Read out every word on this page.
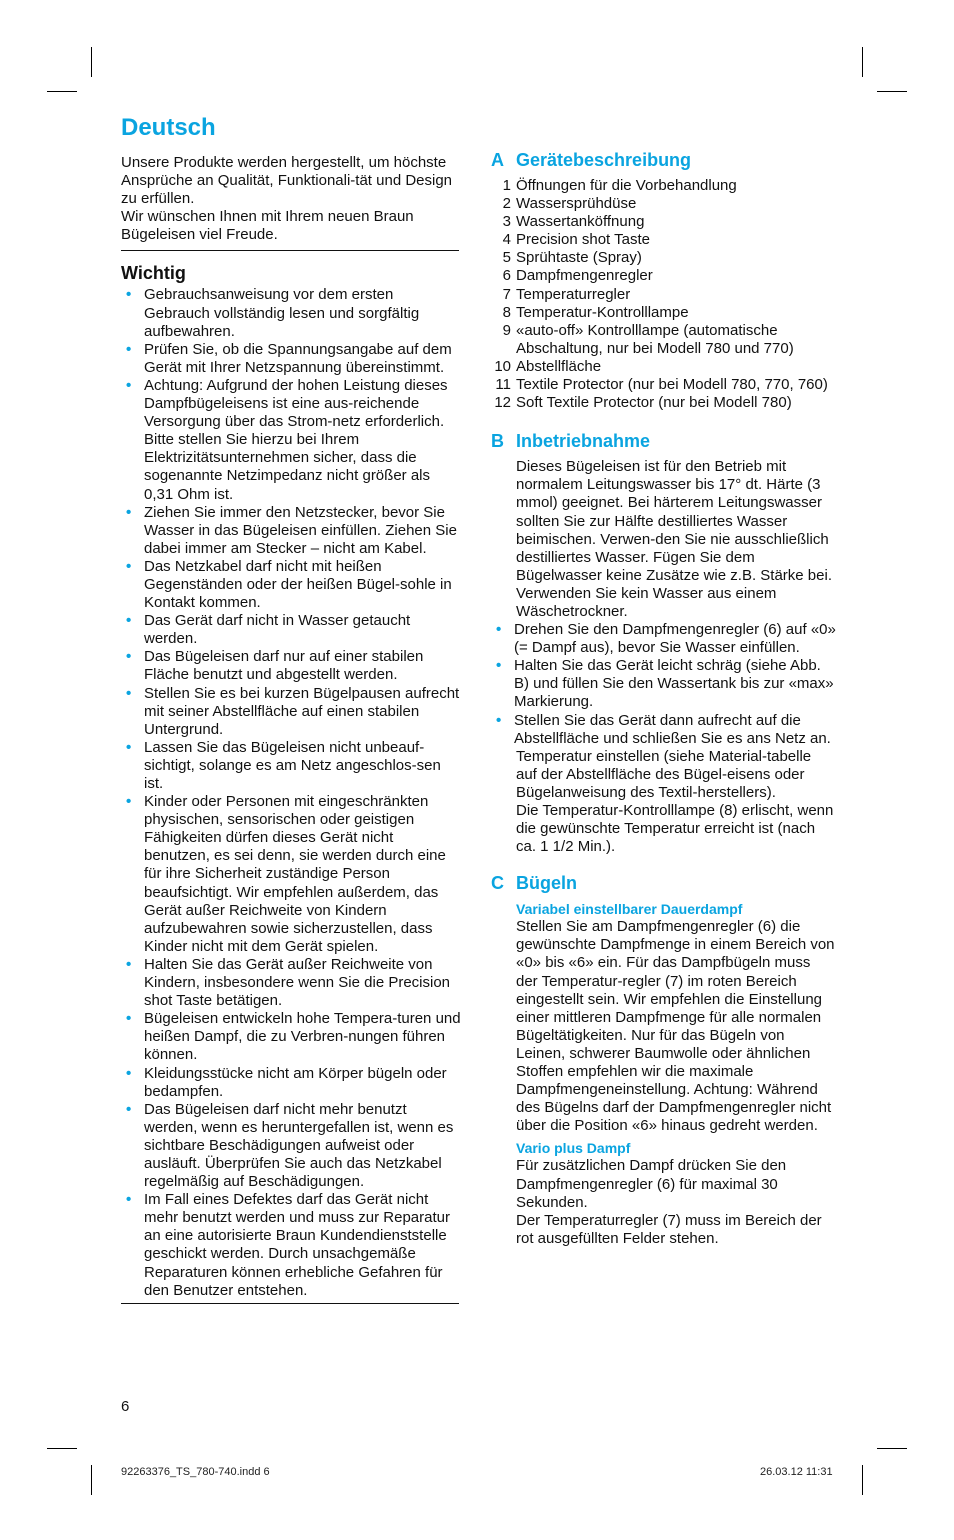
Deutsch

Unsere Produkte werden hergestellt, um höchste Ansprüche an Qualität, Funktionali-tät und Design zu erfüllen.

Wir wünschen Ihnen mit Ihrem neuen Braun Bügeleisen viel Freude.

Wichtig
• Gebrauchsanweisung vor dem ersten Gebrauch vollständig lesen und sorgfältig aufbewahren.
• Prüfen Sie, ob die Spannungsangabe auf dem Gerät mit Ihrer Netzspannung übereinstimmt.
• Achtung: Aufgrund der hohen Leistung dieses Dampfbügeleisens ist eine aus-reichende Versorgung über das Strom-netz erforderlich. Bitte stellen Sie hierzu bei Ihrem Elektrizitätsunternehmen sicher, dass die sogenannte Netzimpedanz nicht größer als 0,31 Ohm ist.
• Ziehen Sie immer den Netzstecker, bevor Sie Wasser in das Bügeleisen einfüllen. Ziehen Sie dabei immer am Stecker – nicht am Kabel.
• Das Netzkabel darf nicht mit heißen Gegenständen oder der heißen Bügel-sohle in Kontakt kommen.
• Das Gerät darf nicht in Wasser getaucht werden.
• Das Bügeleisen darf nur auf einer stabilen Fläche benutzt und abgestellt werden.
• Stellen Sie es bei kurzen Bügelpausen aufrecht mit seiner Abstellfläche auf einen stabilen Untergrund.
• Lassen Sie das Bügeleisen nicht unbeauf-sichtigt, solange es am Netz angeschlos-sen ist.
• Kinder oder Personen mit eingeschränkten physischen, sensorischen oder geistigen Fähigkeiten dürfen dieses Gerät nicht benutzen, es sei denn, sie werden durch eine für ihre Sicherheit zuständige Person beaufsichtigt. Wir empfehlen außerdem, das Gerät außer Reichweite von Kindern aufzubewahren sowie sicherzustellen, dass Kinder nicht mit dem Gerät spielen.
• Halten Sie das Gerät außer Reichweite von Kindern, insbesondere wenn Sie die Precision shot Taste betätigen.
• Bügeleisen entwickeln hohe Tempera-turen und heißen Dampf, die zu Verbren-nungen führen können.
• Kleidungsstücke nicht am Körper bügeln oder bedampfen.
• Das Bügeleisen darf nicht mehr benutzt werden, wenn es heruntergefallen ist, wenn es sichtbare Beschädigungen aufweist oder ausläuft. Überprüfen Sie auch das Netzkabel regelmäßig auf Beschädigungen.
• Im Fall eines Defektes darf das Gerät nicht mehr benutzt werden und muss zur Reparatur an eine autorisierte Braun Kundendienststelle geschickt werden. Durch unsachgemäße Reparaturen können erhebliche Gefahren für den Benutzer entstehen.
A Gerätebeschreibung
1 Öffnungen für die Vorbehandlung
2 Wassersprühdüse
3 Wassertanköffnung
4 Precision shot Taste
5 Sprühtaste (Spray)
6 Dampfmengenregler
7 Temperaturregler
8 Temperatur-Kontrolllampe
9 «auto-off» Kontrolllampe (automatische Abschaltung, nur bei Modell 780 und 770)
10 Abstellfläche
11 Textile Protector (nur bei Modell 780, 770, 760)
12 Soft Textile Protector (nur bei Modell 780)
B Inbetriebnahme

Dieses Bügeleisen ist für den Betrieb mit normalem Leitungswasser bis 17° dt. Härte (3 mmol) geeignet. Bei härterem Leitungswasser sollten Sie zur Hälfte destilliertes Wasser beimischen. Verwen-den Sie nie ausschließlich destilliertes Wasser. Fügen Sie dem Bügelwasser keine Zusätze wie z.B. Stärke bei. Verwenden Sie kein Wasser aus einem Wäschetrockner.

• Drehen Sie den Dampfmengenregler (6) auf «0» (= Dampf aus), bevor Sie Wasser einfüllen.
• Halten Sie das Gerät leicht schräg (siehe Abb. B) und füllen Sie den Wassertank bis zur «max» Markierung.
• Stellen Sie das Gerät dann aufrecht auf die Abstellfläche und schließen Sie es ans Netz an.

Temperatur einstellen (siehe Material-tabelle auf der Abstellfläche des Bügel-eisens oder Bügelanweisung des Textil-herstellers).

Die Temperatur-Kontrolllampe (8) erlischt, wenn die gewünschte Temperatur erreicht ist (nach ca. 1 1/2 Min.).

C Bügeln
Variabel einstellbarer Dauerdampf

Stellen Sie am Dampfmengenregler (6) die gewünschte Dampfmenge in einem Bereich von «0» bis «6» ein. Für das Dampfbügeln muss der Temperatur-regler (7) im roten Bereich eingestellt sein. Wir empfehlen die Einstellung einer mittleren Dampfmenge für alle normalen Bügeltätigkeiten. Nur für das Bügeln von Leinen, schwerer Baumwolle oder ähnlichen Stoffen empfehlen wir die maximale Dampfmengeneinstellung. Achtung: Während des Bügelns darf der Dampfmengenregler nicht über die Position «6» hinaus gedreht werden.

Vario plus Dampf

Für zusätzlichen Dampf drücken Sie den Dampfmengenregler (6) für maximal 30 Sekunden.

Der Temperaturregler (7) muss im Bereich der rot ausgefüllten Felder stehen.

6
92263376_TS_780-740.indd 6	26.03.12 11:31
